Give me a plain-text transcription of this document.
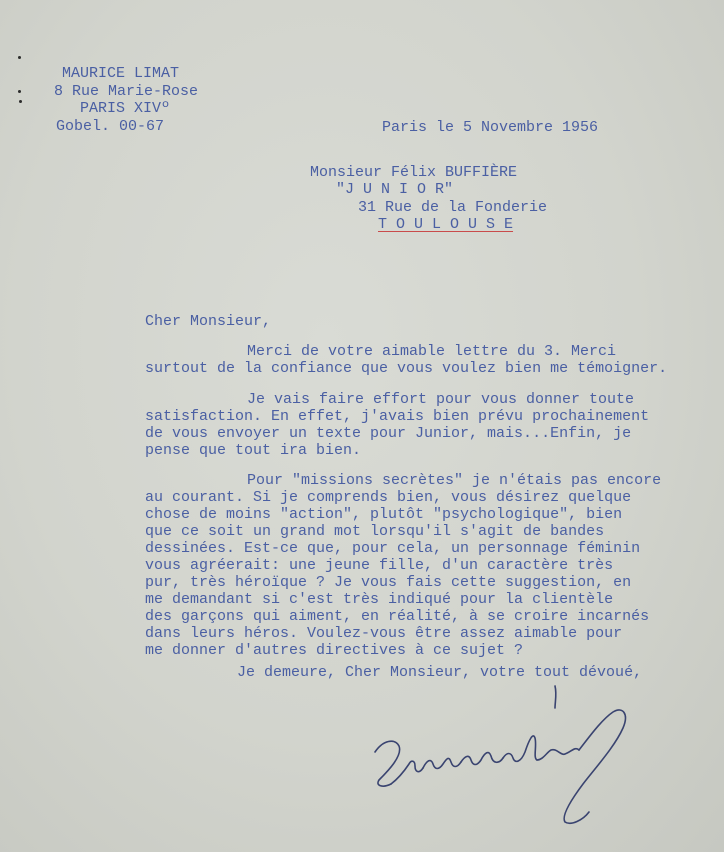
MAURICE LIMAT
8 Rue Marie-Rose
PARIS XIVº
Gobel. 00-67	Paris le 5 Novembre 1956
Monsieur Félix BUFFIÈRE
"J U N I O R"
31 Rue de la Fonderie
T O U L O U S E
Cher Monsieur,
Merci de votre aimable lettre du 3. Merci
surtout de la confiance que vous voulez bien me témoigner.
Je vais faire effort pour vous donner toute
satisfaction. En effet, j'avais bien prévu prochainement
de vous envoyer un texte pour Junior, mais...Enfin, je
pense que tout ira bien.
Pour "missions secrètes" je n'étais pas encore
au courant. Si je comprends bien, vous désirez quelque
chose de moins "action", plutôt "psychologique", bien
que ce soit un grand mot lorsqu'il s'agit de bandes
dessinées. Est-ce que, pour cela, un personnage féminin
vous agréerait: une jeune fille, d'un caractère très
pur, très héroïque ? Je vous fais cette suggestion, en
me demandant si c'est très indiqué pour la clientèle
des garçons qui aiment, en réalité, à se croire incarnés
dans leurs héros. Voulez-vous être assez aimable pour
me donner d'autres directives à ce sujet ?
Je demeure, Cher Monsieur, votre tout dévoué,
